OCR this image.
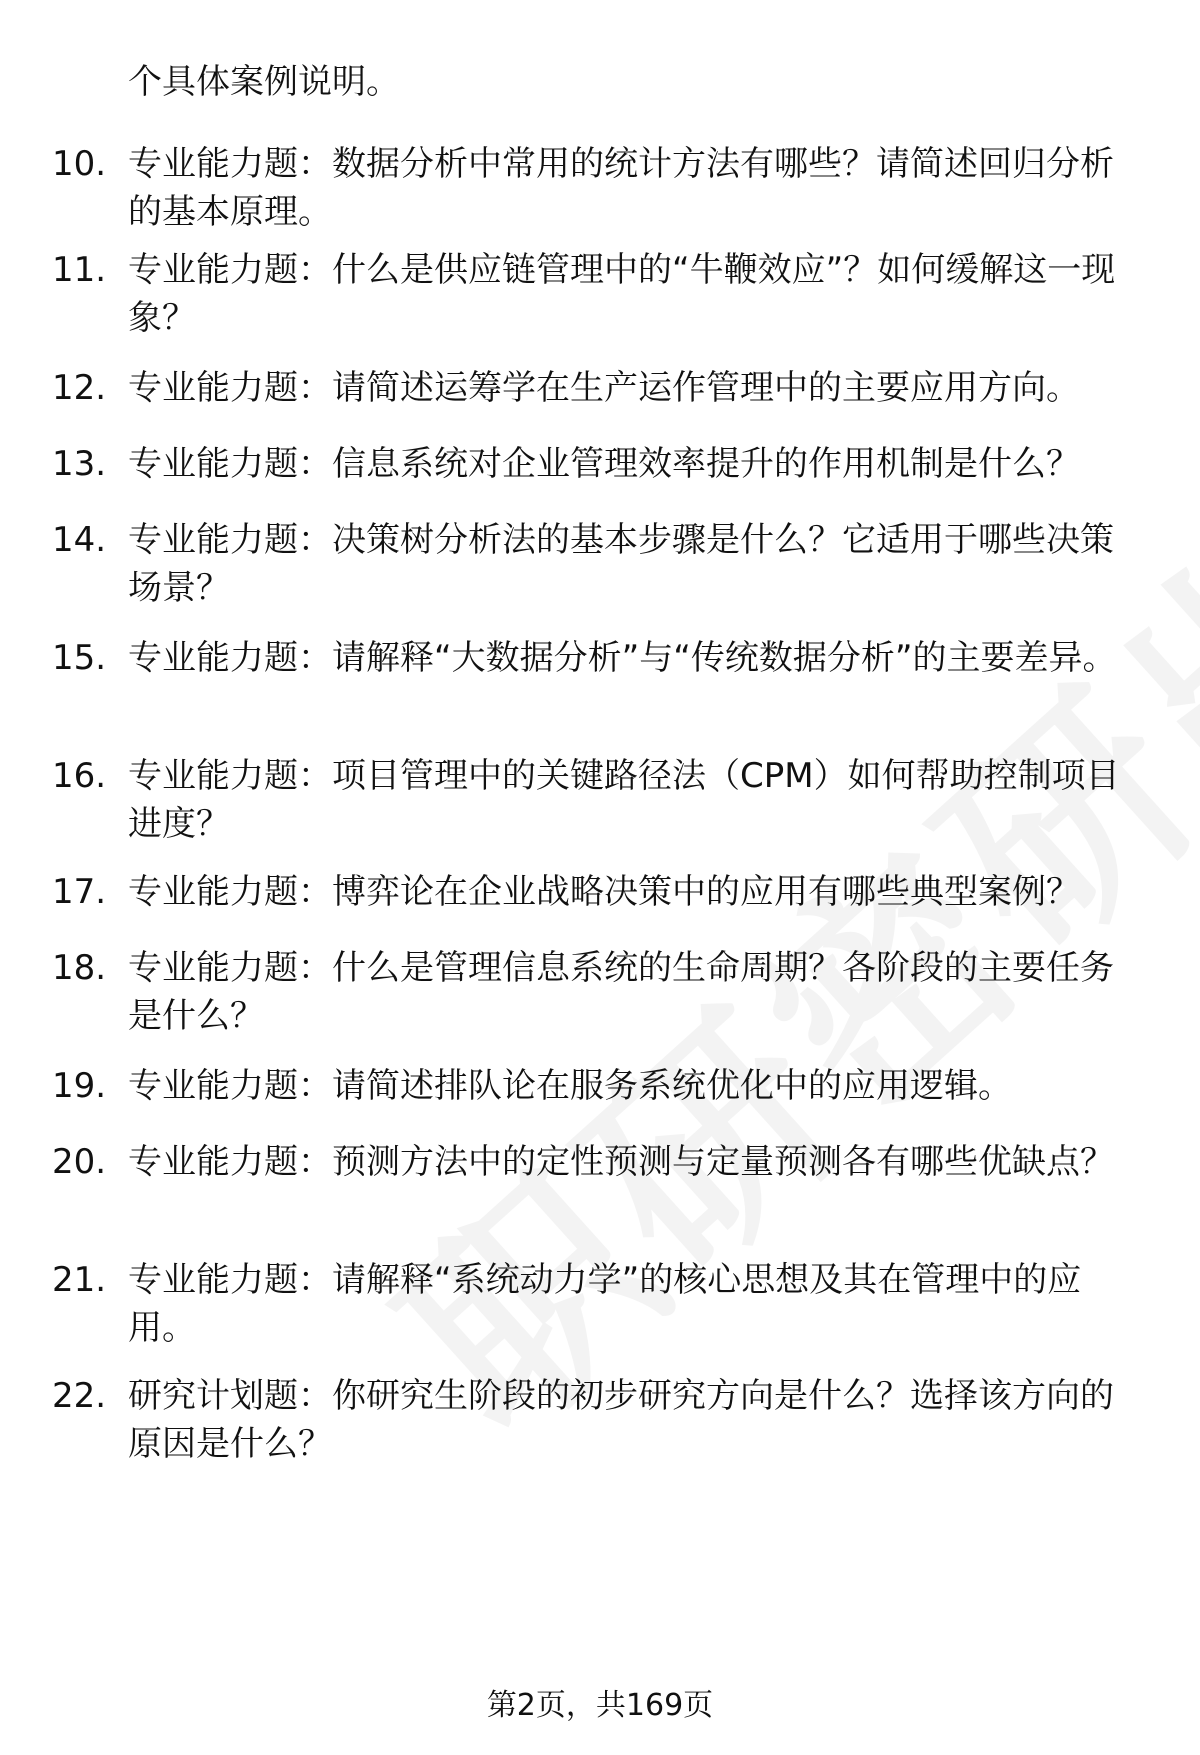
个具体案例说明。
10. 专业能力题：数据分析中常用的统计方法有哪些？请简述回归分析的基本原理。
11. 专业能力题：什么是供应链管理中的“牛鞭效应”？如何缓解这一现象？
12. 专业能力题：请简述运筹学在生产运作管理中的主要应用方向。
13. 专业能力题：信息系统对企业管理效率提升的作用机制是什么？
14. 专业能力题：决策树分析法的基本步骤是什么？它适用于哪些决策场景？
15. 专业能力题：请解释“大数据分析”与“传统数据分析”的主要差异。
16. 专业能力题：项目管理中的关键路径法（CPM）如何帮助控制项目进度？
17. 专业能力题：博弈论在企业战略决策中的应用有哪些典型案例？
18. 专业能力题：什么是管理信息系统的生命周期？各阶段的主要任务是什么？
19. 专业能力题：请简述排队论在服务系统优化中的应用逻辑。
20. 专业能力题：预测方法中的定性预测与定量预测各有哪些优缺点？
21. 专业能力题：请解释“系统动力学”的核心思想及其在管理中的应用。
22. 研究计划题：你研究生阶段的初步研究方向是什么？选择该方向的原因是什么？
第2页，共169页
